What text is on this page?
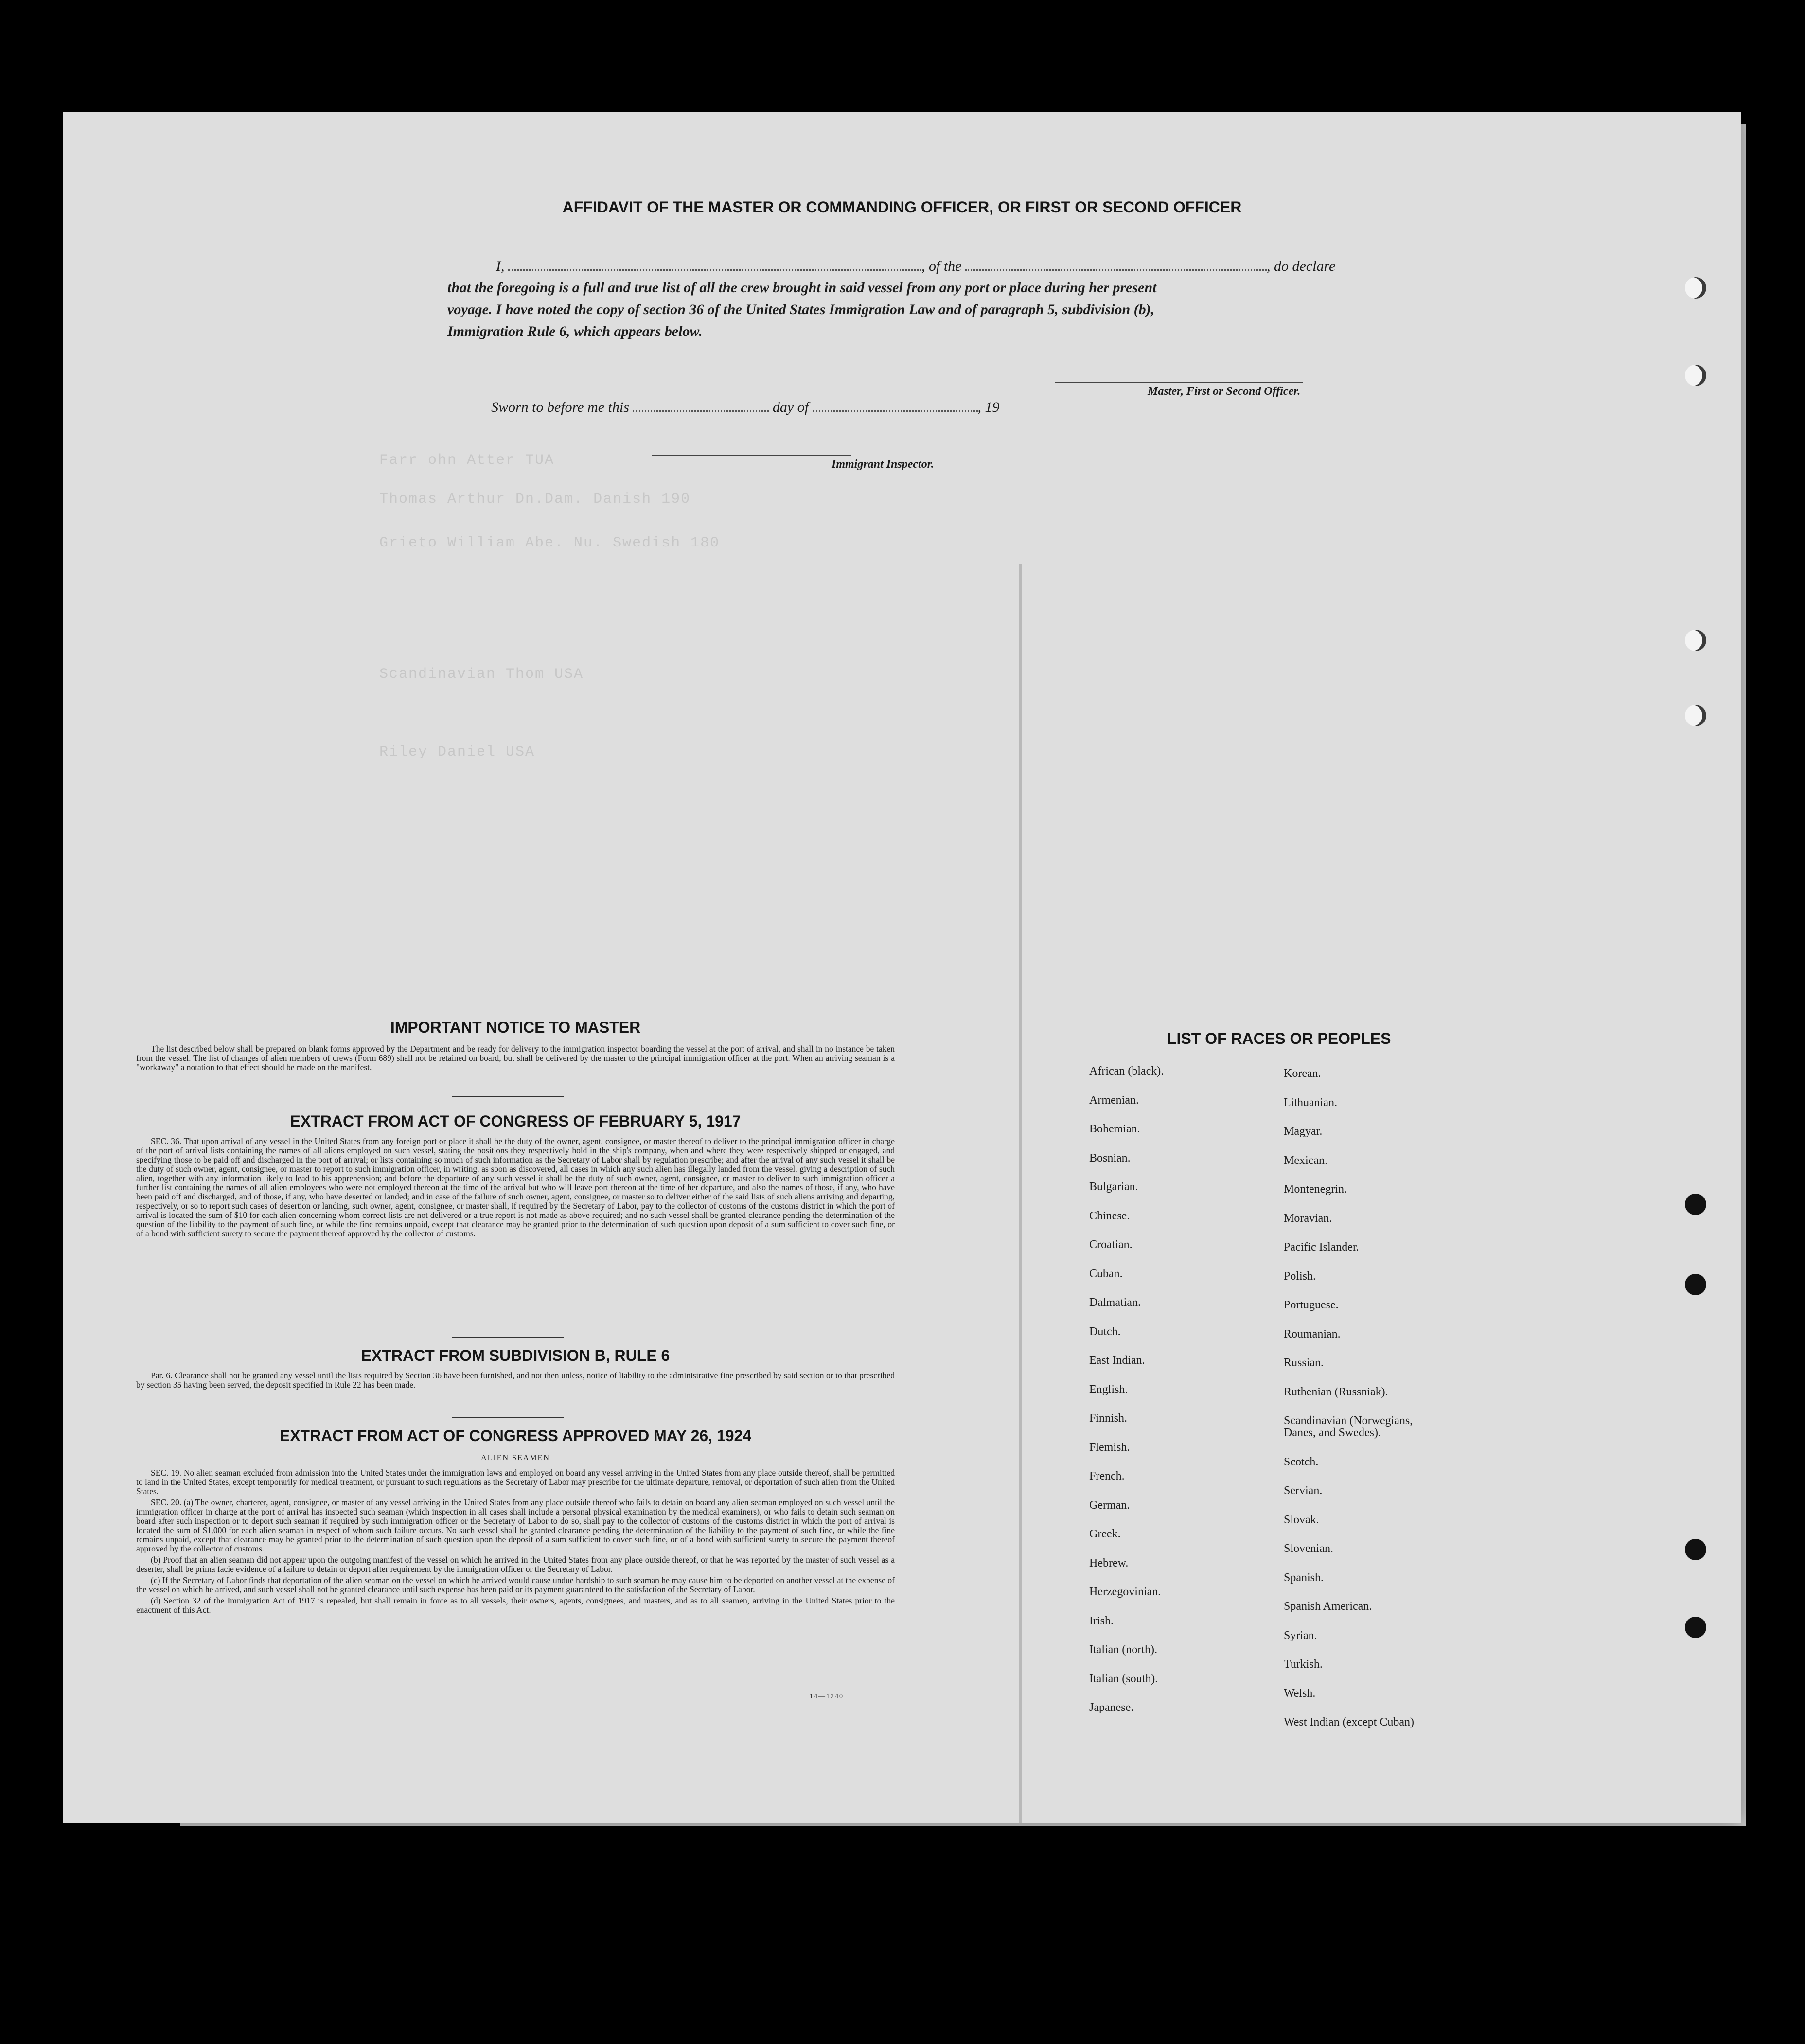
Farr ohn Atter TUA
Thomas Arthur Dn.Dam. Danish 190
Grieto William Abe. Nu. Swedish 180
Scandinavian Thom USA
Riley Daniel USA
AFFIDAVIT OF THE MASTER OR COMMANDING OFFICER, OR FIRST OR SECOND OFFICER
I,	, of the	, do declare
that the foregoing is a full and true list of all the crew brought in said vessel from any port or place during her present
voyage. I have noted the copy of section 36 of the United States Immigration Law and of paragraph 5, subdivision (b),
Immigration Rule 6, which appears below.
Master, First or Second Officer.
Sworn to before me this	day of	, 19
Immigrant Inspector.
IMPORTANT NOTICE TO MASTER

The list described below shall be prepared on blank forms approved by the Department and be ready for delivery to the immigration inspector boarding the vessel at the port of arrival, and shall in no instance be taken from the vessel. The list of changes of alien members of crews (Form 689) shall not be retained on board, but shall be delivered by the master to the principal immigration officer at the port. When an arriving seaman is a "workaway" a notation to that effect should be made on the manifest.

EXTRACT FROM ACT OF CONGRESS OF FEBRUARY 5, 1917

SEC. 36. That upon arrival of any vessel in the United States from any foreign port or place it shall be the duty of the owner, agent, consignee, or master thereof to deliver to the principal immigration officer in charge of the port of arrival lists containing the names of all aliens employed on such vessel, stating the positions they respectively hold in the ship's company, when and where they were respectively shipped or engaged, and specifying those to be paid off and discharged in the port of arrival; or lists containing so much of such information as the Secretary of Labor shall by regulation prescribe; and after the arrival of any such vessel it shall be the duty of such owner, agent, consignee, or master to report to such immigration officer, in writing, as soon as discovered, all cases in which any such alien has illegally landed from the vessel, giving a description of such alien, together with any information likely to lead to his apprehension; and before the departure of any such vessel it shall be the duty of such owner, agent, consignee, or master to deliver to such immigration officer a further list containing the names of all alien employees who were not employed thereon at the time of the arrival but who will leave port thereon at the time of her departure, and also the names of those, if any, who have been paid off and discharged, and of those, if any, who have deserted or landed; and in case of the failure of such owner, agent, consignee, or master so to deliver either of the said lists of such aliens arriving and departing, respectively, or so to report such cases of desertion or landing, such owner, agent, consignee, or master shall, if required by the Secretary of Labor, pay to the collector of customs of the customs district in which the port of arrival is located the sum of $10 for each alien concerning whom correct lists are not delivered or a true report is not made as above required; and no such vessel shall be granted clearance pending the determination of the question of the liability to the payment of such fine, or while the fine remains unpaid, except that clearance may be granted prior to the determination of such question upon deposit of a sum sufficient to cover such fine, or of a bond with sufficient surety to secure the payment thereof approved by the collector of customs.

EXTRACT FROM SUBDIVISION B, RULE 6

Par. 6. Clearance shall not be granted any vessel until the lists required by Section 36 have been furnished, and not then unless, notice of liability to the administrative fine prescribed by said section or to that prescribed by section 35 having been served, the deposit specified in Rule 22 has been made.

EXTRACT FROM ACT OF CONGRESS APPROVED MAY 26, 1924
ALIEN SEAMEN

SEC. 19. No alien seaman excluded from admission into the United States under the immigration laws and employed on board any vessel arriving in the United States from any place outside thereof, shall be permitted to land in the United States, except temporarily for medical treatment, or pursuant to such regulations as the Secretary of Labor may prescribe for the ultimate departure, removal, or deportation of such alien from the United States.

SEC. 20. (a) The owner, charterer, agent, consignee, or master of any vessel arriving in the United States from any place outside thereof who fails to detain on board any alien seaman employed on such vessel until the immigration officer in charge at the port of arrival has inspected such seaman (which inspection in all cases shall include a personal physical examination by the medical examiners), or who fails to detain such seaman on board after such inspection or to deport such seaman if required by such immigration officer or the Secretary of Labor to do so, shall pay to the collector of customs of the customs district in which the port of arrival is located the sum of $1,000 for each alien seaman in respect of whom such failure occurs. No such vessel shall be granted clearance pending the determination of the liability to the payment of such fine, or while the fine remains unpaid, except that clearance may be granted prior to the determination of such question upon the deposit of a sum sufficient to cover such fine, or of a bond with sufficient surety to secure the payment thereof approved by the collector of customs.

(b) Proof that an alien seaman did not appear upon the outgoing manifest of the vessel on which he arrived in the United States from any place outside thereof, or that he was reported by the master of such vessel as a deserter, shall be prima facie evidence of a failure to detain or deport after requirement by the immigration officer or the Secretary of Labor.

(c) If the Secretary of Labor finds that deportation of the alien seaman on the vessel on which he arrived would cause undue hardship to such seaman he may cause him to be deported on another vessel at the expense of the vessel on which he arrived, and such vessel shall not be granted clearance until such expense has been paid or its payment guaranteed to the satisfaction of the Secretary of Labor.

(d) Section 32 of the Immigration Act of 1917 is repealed, but shall remain in force as to all vessels, their owners, agents, consignees, and masters, and as to all seamen, arriving in the United States prior to the enactment of this Act.

14—1240
LIST OF RACES OR PEOPLES
African (black).
Armenian.
Bohemian.
Bosnian.
Bulgarian.
Chinese.
Croatian.
Cuban.
Dalmatian.
Dutch.
East Indian.
English.
Finnish.
Flemish.
French.
German.
Greek.
Hebrew.
Herzegovinian.
Irish.
Italian (north).
Italian (south).
Japanese.
Korean.
Lithuanian.
Magyar.
Mexican.
Montenegrin.
Moravian.
Pacific Islander.
Polish.
Portuguese.
Roumanian.
Russian.
Ruthenian (Russniak).
Scandinavian (Norwegians,
Danes, and Swedes).
Scotch.
Servian.
Slovak.
Slovenian.
Spanish.
Spanish American.
Syrian.
Turkish.
Welsh.
West Indian (except Cuban)
